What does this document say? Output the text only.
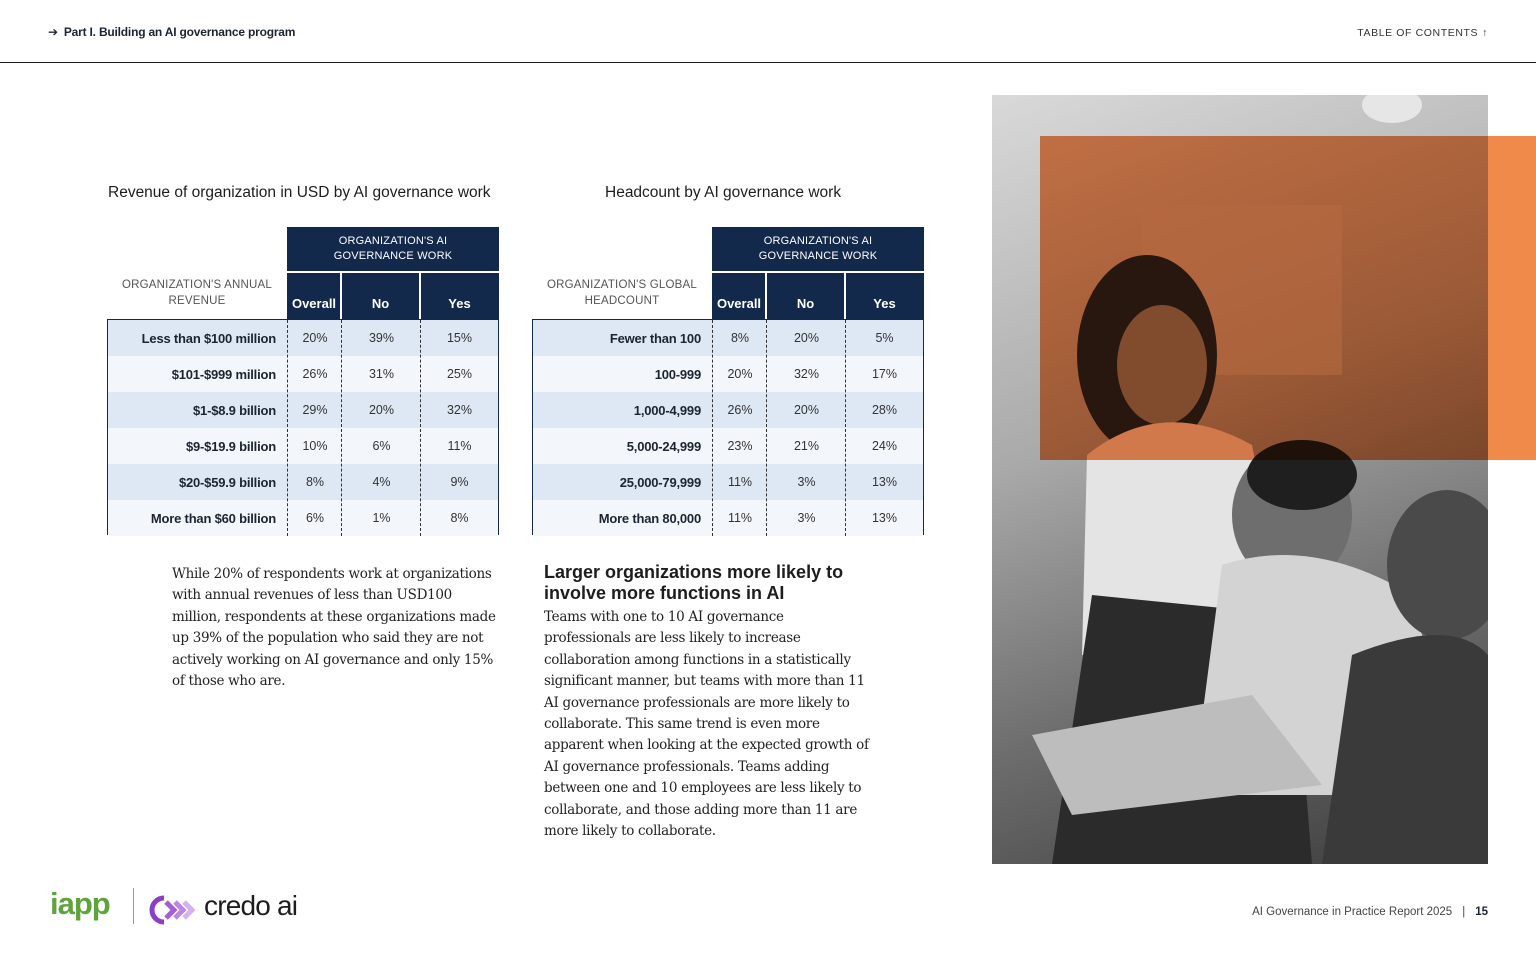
➔ Part I. Building an AI governance program	TABLE OF CONTENTS ↑
Revenue of organization in USD by AI governance work
ORGANIZATION'S AI GOVERNANCE WORK
Overall	No	Yes
ORGANIZATION'S ANNUAL REVENUE
Less than $100 million	20%	39%	15%
$101-$999 million	26%	31%	25%
$1-$8.9 billion	29%	20%	32%
$9-$19.9 billion	10%	6%	11%
$20-$59.9 billion	8%	4%	9%
More than $60 billion	6%	1%	8%
Headcount by AI governance work
ORGANIZATION'S AI GOVERNANCE WORK
Overall	No	Yes
ORGANIZATION'S GLOBAL HEADCOUNT
Fewer than 100	8%	20%	5%
100-999	20%	32%	17%
1,000-4,999	26%	20%	28%
5,000-24,999	23%	21%	24%
25,000-79,999	11%	3%	13%
More than 80,000	11%	3%	13%
While 20% of respondents work at organizations with annual revenues of less than USD100 million, respondents at these organizations made up 39% of the population who said they are not actively working on AI governance and only 15% of those who are.
Larger organizations more likely to involve more functions in AI
Teams with one to 10 AI governance professionals are less likely to increase collaboration among functions in a statistically significant manner, but teams with more than 11 AI governance professionals are more likely to collaborate. This same trend is even more apparent when looking at the expected growth of AI governance professionals. Teams adding between one and 10 employees are less likely to collaborate, and those adding more than 11 are more likely to collaborate.
iapp	credo ai	AI Governance in Practice Report 2025 | 15
